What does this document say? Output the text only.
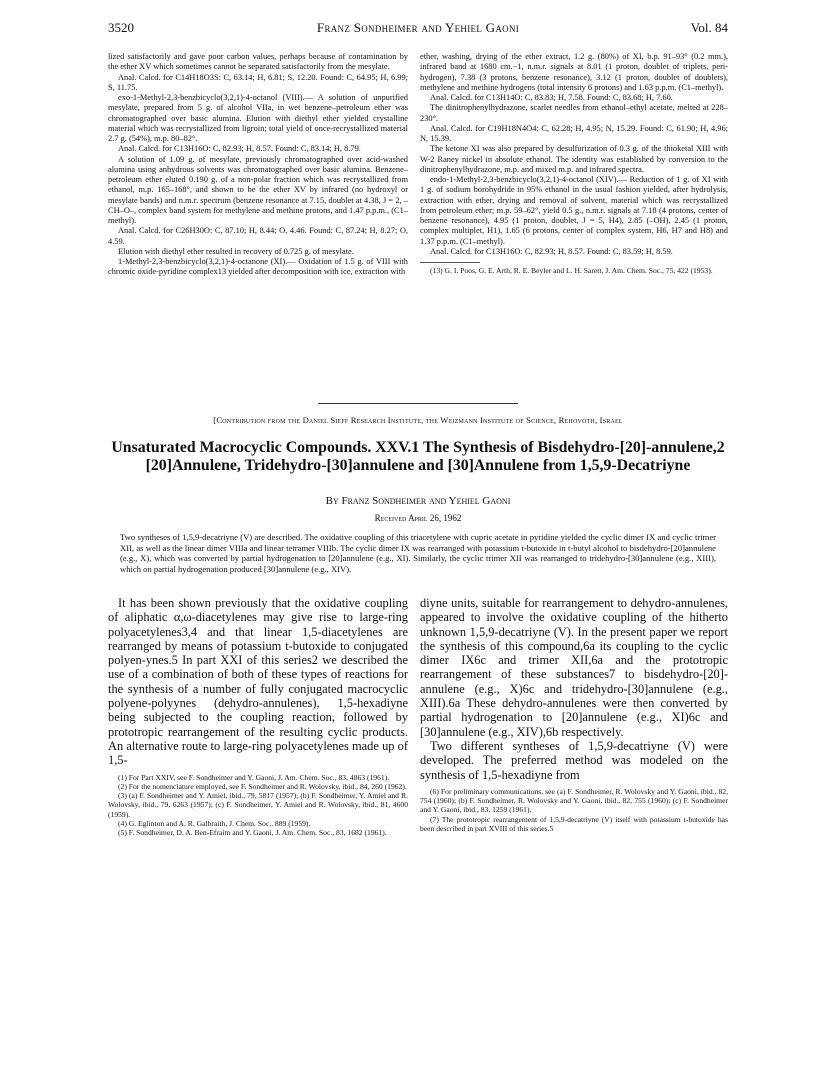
3520	Franz Sondheimer and Yehiel Gaoni	Vol. 84

lized satisfactorily and gave poor carbon values, perhaps because of contamination by the ether XV which sometimes cannot be separated satisfactorily from the mesylate.

Anal. Calcd. for C14H18O3S: C, 63.14; H, 6.81; S, 12.20. Found: C, 64.95; H, 6.99; S, 11.75.

exo-1-Methyl-2,3-benzbicyclo(3,2,1)-4-octanol (VIII).— A solution of unpurified mesylate, prepared from 5 g. of alcohol VIIa, in wet benzene–petroleum ether was chromatographed over basic alumina. Elution with diethyl ether yielded crystalline material which was recrystallized from ligroin; total yield of once-recrystallized material 2.7 g. (54%), m.p. 80–82°.

Anal. Calcd. for C13H16O: C, 82.93; H, 8.57. Found: C, 83.14; H, 8.79.

A solution of 1.09 g. of mesylate, previously chromatographed over acid-washed alumina using anhydrous solvents was chromatographed over basic alumina. Benzene–petroleum ether eluted 0.190 g. of a non-polar fraction which was recrystallized from ethanol, m.p. 165–168°, and shown to be the ether XV by infrared (no hydroxyl or mesylate bands) and n.m.r. spectrum (benzene resonance at 7.15, doublet at 4.38, J = 2, –CH–O–, complex band system for methylene and methine protons, and 1.47 p.p.m., (C1–methyl).

Anal. Calcd. for C26H30O: C, 87.10; H, 8.44; O, 4.46. Found: C, 87.24; H, 8.27; O, 4.59.

Elution with diethyl ether resulted in recovery of 0.725 g. of mesylate.

1-Methyl-2,3-benzbicyclo(3,2,1)-4-octanone (XI).— Oxidation of 1.5 g. of VIII with chromic oxide-pyridine complex13 yielded after decomposition with ice, extraction with

ether, washing, drying of the ether extract, 1.2 g. (80%) of XI, b.p. 91–93° (0.2 mm.), infrared band at 1680 cm.−1, n.m.r. signals at 8.01 (1 proton, doublet of triplets, peri-hydrogen), 7.38 (3 protons, benzene resonance), 3.12 (1 proton, doublet of doublets), methylene and methine hydrogens (total intensity 6 protons) and 1.63 p.p.m. (C1–methyl).

Anal. Calcd. for C13H14O: C, 83.83; H, 7.58. Found: C, 83.68; H, 7.60.

The dinitrophenylhydrazone, scarlet needles from ethanol–ethyl acetate, melted at 228–230°.

Anal. Calcd. for C19H18N4O4: C, 62.28; H, 4.95; N, 15.29. Found: C, 61.90; H, 4.96; N, 15.39.

The ketone XI was also prepared by desulfurization of 0.3 g. of the thioketal XIII with W-2 Raney nickel in absolute ethanol. The identity was established by conversion to the dinitrophenylhydrazone, m.p. and mixed m.p. and infrared spectra.

endo-1-Methyl-2,3-benzbicyclo(3,2,1)-4-octanol (XIV).— Reduction of 1 g. of XI with 1 g. of sodium borohydride in 95% ethanol in the usual fashion yielded, after hydrolysis, extraction with ether, drying and removal of solvent, material which was recrystallized from petroleum ether; m.p. 59–62°, yield 0.5 g., n.m.r. signals at 7.18 (4 protons, center of benzene resonance), 4.95 (1 proton, doublet, J = 5, H4), 2.85 (–OH), 2.45 (1 proton, complex multiplet, H1), 1.65 (6 protons, center of complex system, H6, H7 and H8) and 1.37 p.p.m. (C1–methyl).

Anal. Calcd. for C13H16O: C, 82.93; H, 8.57. Found: C, 83.59; H, 8.59.

(13) G. I. Poos, G. E. Arth, R. E. Beyler and L. H. Sarett, J. Am. Chem. Soc., 75, 422 (1953).

[Contribution from the Daniel Sieff Research Institute, the Weizmann Institute of Science, Rehovoth, Israel
Unsaturated Macrocyclic Compounds. XXV.1 The Synthesis of Bisdehydro-[20]-annulene,2 [20]Annulene, Tridehydro-[30]annulene and [30]Annulene from 1,5,9-Decatriyne
By Franz Sondheimer and Yehiel Gaoni
Received April 26, 1962
Two syntheses of 1,5,9-decatriyne (V) are described. The oxidative coupling of this triacetylene with cupric acetate in pyridine yielded the cyclic dimer IX and cyclic trimer XII, as well as the linear dimer VIIIa and linear tetramer VIIIb. The cyclic dimer IX was rearranged with potassium t-butoxide in t-butyl alcohol to bisdehydro-[20]annulene (e.g., X), which was converted by partial hydrogenation to [20]annulene (e.g., XI). Similarly, the cyclic trimer XII was rearranged to tridehydro-[30]annulene (e.g., XIII), which on partial hydrogenation produced [30]annulene (e.g., XIV).

It has been shown previously that the oxidative coupling of aliphatic α,ω-diacetylenes may give rise to large-ring polyacetylenes3,4 and that linear 1,5-diacetylenes are rearranged by means of potassium t-butoxide to conjugated polyen-ynes.5 In part XXI of this series2 we described the use of a combination of both of these types of reactions for the synthesis of a number of fully conjugated macrocyclic polyene-polyynes (dehydro-annulenes), 1,5-hexadiyne being subjected to the coupling reaction, followed by prototropic rearrangement of the resulting cyclic products. An alternative route to large-ring polyacetylenes made up of 1,5-

(1) For Part XXIV, see F. Sondheimer and Y. Gaoni, J. Am. Chem. Soc., 83, 4863 (1961).

(2) For the nomenclature employed, see F. Sondheimer and R. Wolovsky, ibid., 84, 260 (1962).

(3) (a) F. Sondheimer and Y. Amiel, ibid., 79, 5817 (1957); (b) F. Sondheimer, Y. Amiel and R. Wolovsky, ibid., 79, 6263 (1957); (c) F. Sondheimer, Y. Amiel and R. Wolovsky, ibid., 81, 4600 (1959).

(4) G. Eglinton and A. R. Galbraith, J. Chem. Soc., 889 (1959).

(5) F. Sondheimer, D. A. Ben-Efraim and Y. Gaoni, J. Am. Chem. Soc., 83, 1682 (1961).

diyne units, suitable for rearrangement to dehydro-annulenes, appeared to involve the oxidative coupling of the hitherto unknown 1,5,9-decatriyne (V). In the present paper we report the synthesis of this compound,6a its coupling to the cyclic dimer IX6c and trimer XII,6a and the prototropic rearrangement of these substances7 to bisdehydro-[20]-annulene (e.g., X)6c and tridehydro-[30]annulene (e.g., XIII).6a These dehydro-annulenes were then converted by partial hydrogenation to [20]annulene (e.g., XI)6c and [30]annulene (e.g., XIV),6b respectively.

Two different syntheses of 1,5,9-decatriyne (V) were developed. The preferred method was modeled on the synthesis of 1,5-hexadiyne from

(6) For preliminary communications, see (a) F. Sondheimer, R. Wolovsky and Y. Gaoni, ibid., 82, 754 (1960); (b) F. Sondheimer, R. Wolovsky and Y. Gaoni, ibid., 82, 755 (1960); (c) F. Sondheimer and Y. Gaoni, ibid., 83, 1259 (1961).

(7) The prototropic rearrangement of 1,5,9-decatriyne (V) itself with potassium t-butoxide has been described in part XVIII of this series.5
